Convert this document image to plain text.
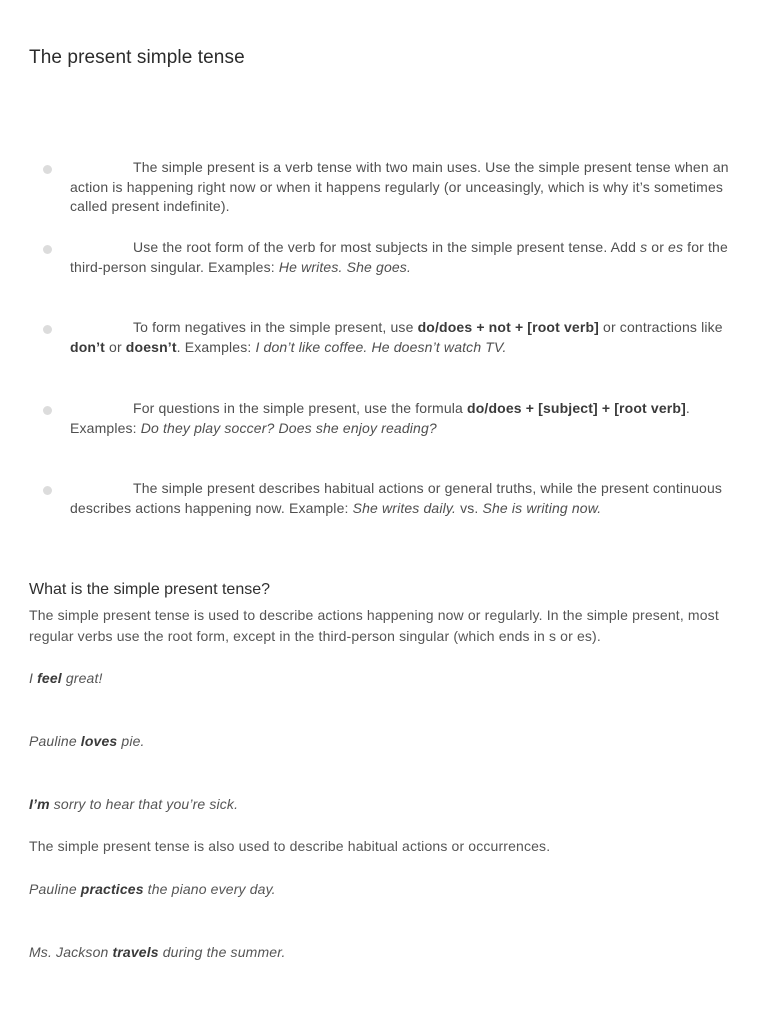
The present simple tense
The simple present is a verb tense with two main uses. Use the simple present tense when an action is happening right now or when it happens regularly (or unceasingly, which is why it’s sometimes called present indefinite).
Use the root form of the verb for most subjects in the simple present tense. Add s or es for the third-person singular. Examples: He writes. She goes.
To form negatives in the simple present, use do/does + not + [root verb] or contractions like don’t or doesn’t. Examples: I don’t like coffee. He doesn’t watch TV.
For questions in the simple present, use the formula do/does + [subject] + [root verb]. Examples: Do they play soccer? Does she enjoy reading?
The simple present describes habitual actions or general truths, while the present continuous describes actions happening now. Example: She writes daily. vs. She is writing now.
What is the simple present tense?

The simple present tense is used to describe actions happening now or regularly. In the simple present, most regular verbs use the root form, except in the third-person singular (which ends in s or es).

I feel great!

Pauline loves pie.

I’m sorry to hear that you’re sick.

The simple present tense is also used to describe habitual actions or occurrences.

Pauline practices the piano every day.

Ms. Jackson travels during the summer.
